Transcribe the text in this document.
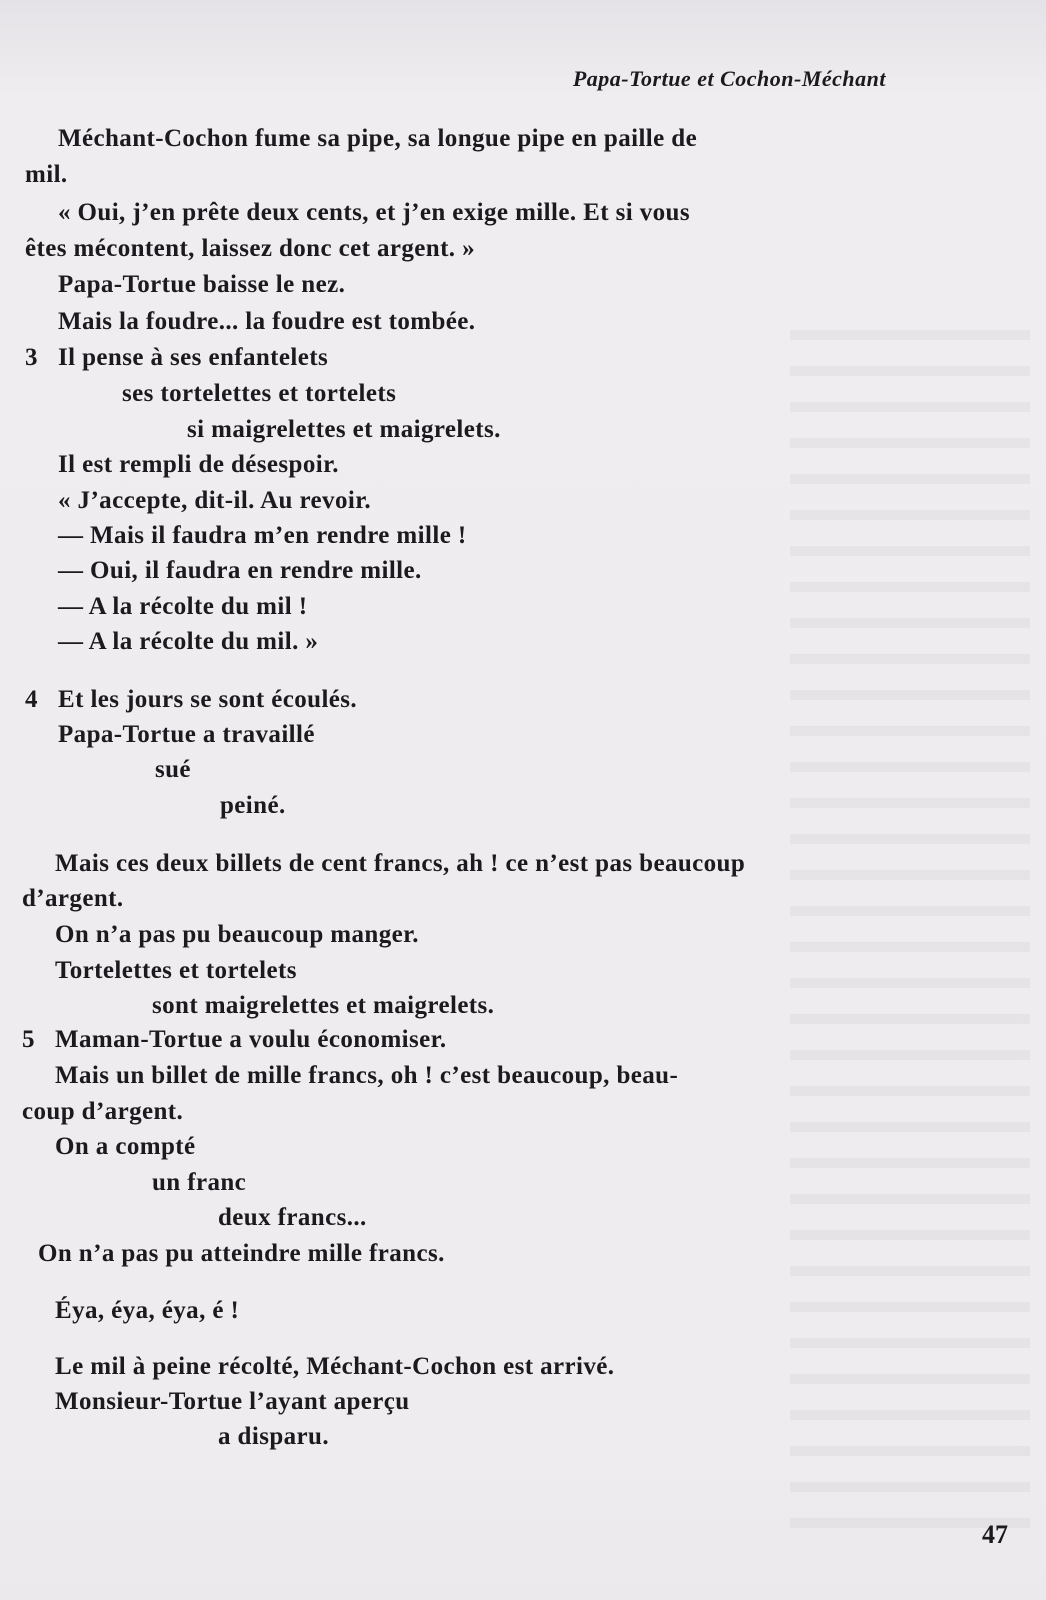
Papa-Tortue et Cochon-Méchant
Méchant-Cochon fume sa pipe, sa longue pipe en paille de
mil.
« Oui, j’en prête deux cents, et j’en exige mille. Et si vous
êtes mécontent, laissez donc cet argent. »
Papa-Tortue baisse le nez.
Mais la foudre... la foudre est tombée.
3 Il pense à ses enfantelets
ses tortelettes et tortelets
si maigrelettes et maigrelets.
Il est rempli de désespoir.
« J’accepte, dit-il. Au revoir.
— Mais il faudra m’en rendre mille !
— Oui, il faudra en rendre mille.
— A la récolte du mil !
— A la récolte du mil. »
4 Et les jours se sont écoulés.
Papa-Tortue a travaillé
sué
peiné.
Mais ces deux billets de cent francs, ah ! ce n’est pas beaucoup
d’argent.
On n’a pas pu beaucoup manger.
Tortelettes et tortelets
sont maigrelettes et maigrelets.
5 Maman-Tortue a voulu économiser.
Mais un billet de mille francs, oh ! c’est beaucoup, beau-
coup d’argent.
On a compté
un franc
deux francs...
On n’a pas pu atteindre mille francs.
Éya, éya, éya, é !
Le mil à peine récolté, Méchant-Cochon est arrivé.
Monsieur-Tortue l’ayant aperçu
a disparu.
47
